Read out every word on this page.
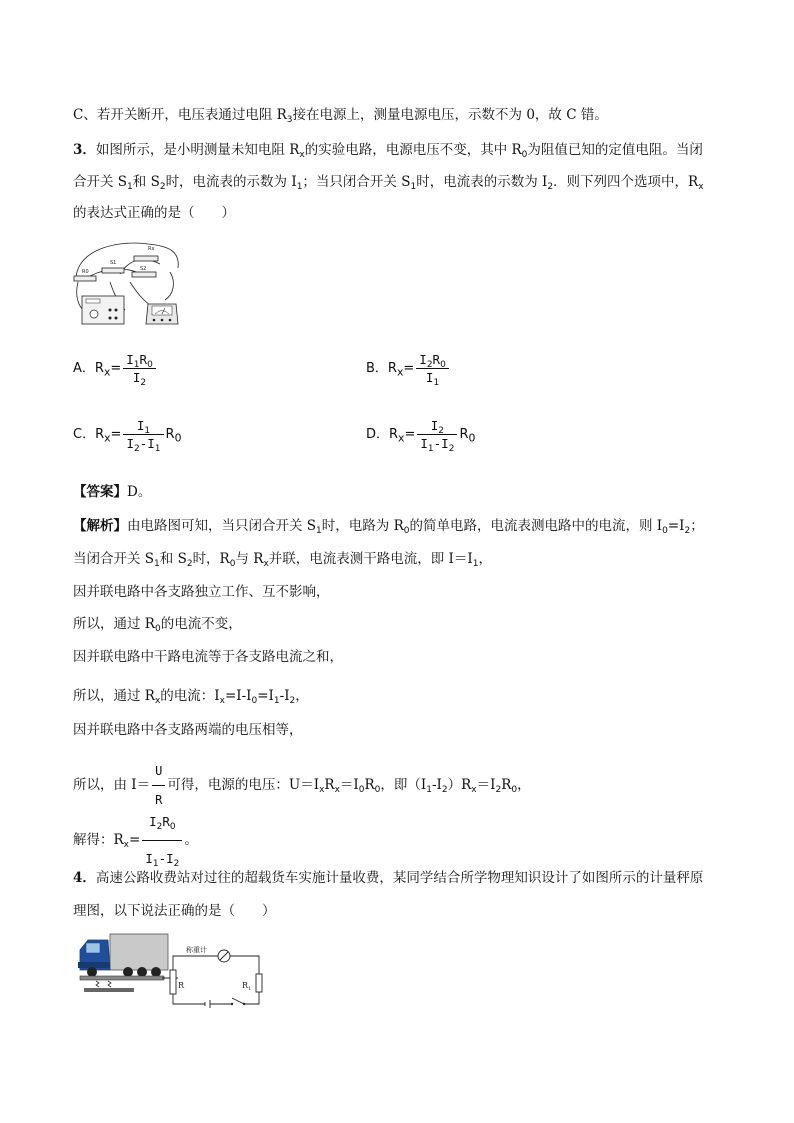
C、若开关断开，电压表通过电阻 $R_3$接在电源上，测量电源电压，示数不为 0，故 C 错。
3．如图所示，是小明测量未知电阻 $R_x$的实验电路，电源电压不变，其中 $R_0$为阻值已知的定值电阻。当闭
合开关 $S_1$和 $S_2$时，电流表的示数为 $I_1$；当只闭合开关 $S_1$时，电流表的示数为 $I_2$．则下列四个选项中，$R_x$
的表达式正确的是（　　）
Rx
S1
S2
R0
A．$R_x= \frac{I_1R_0}{I_2}$	B．$R_x= \frac{I_2R_0}{I_1}$
C．$R_x= \frac{I_1}{I_2-I_1} R_0$	D．$R_x= \frac{I_2}{I_1-I_2} R_0$
【答案】D。
【解析】由电路图可知，当只闭合开关 $S_1$时，电路为 $R_0$的简单电路，电流表测电路中的电流，则 $I_0=I_2$；
当闭合开关 $S_1$和 $S_2$时，$R_0$与 $R_x$并联，电流表测干路电流，即 $I=I_1$，
因并联电路中各支路独立工作、互不影响，
所以，通过 $R_0$的电流不变，
因并联电路中干路电流等于各支路电流之和，
所以，通过 $R_x$的电流：$I_x=I-I_0=I_1-I_2$，
因并联电路中各支路两端的电压相等，
所以，由 $I= \frac{U}{R}$ 可得，电源的电压：$U=I_xR_x=I_0R_0$，即$(I_1-I_2)R_x=I_2R_0$，
解得：$R_x= \frac{I_2R_0}{I_1-I_2}$ 。
4．高速公路收费站对过往的超载货车实施计量收费，某同学结合所学物理知识设计了如图所示的计量秤原
理图，以下说法正确的是（　　）
称重计
R	$R_1$
